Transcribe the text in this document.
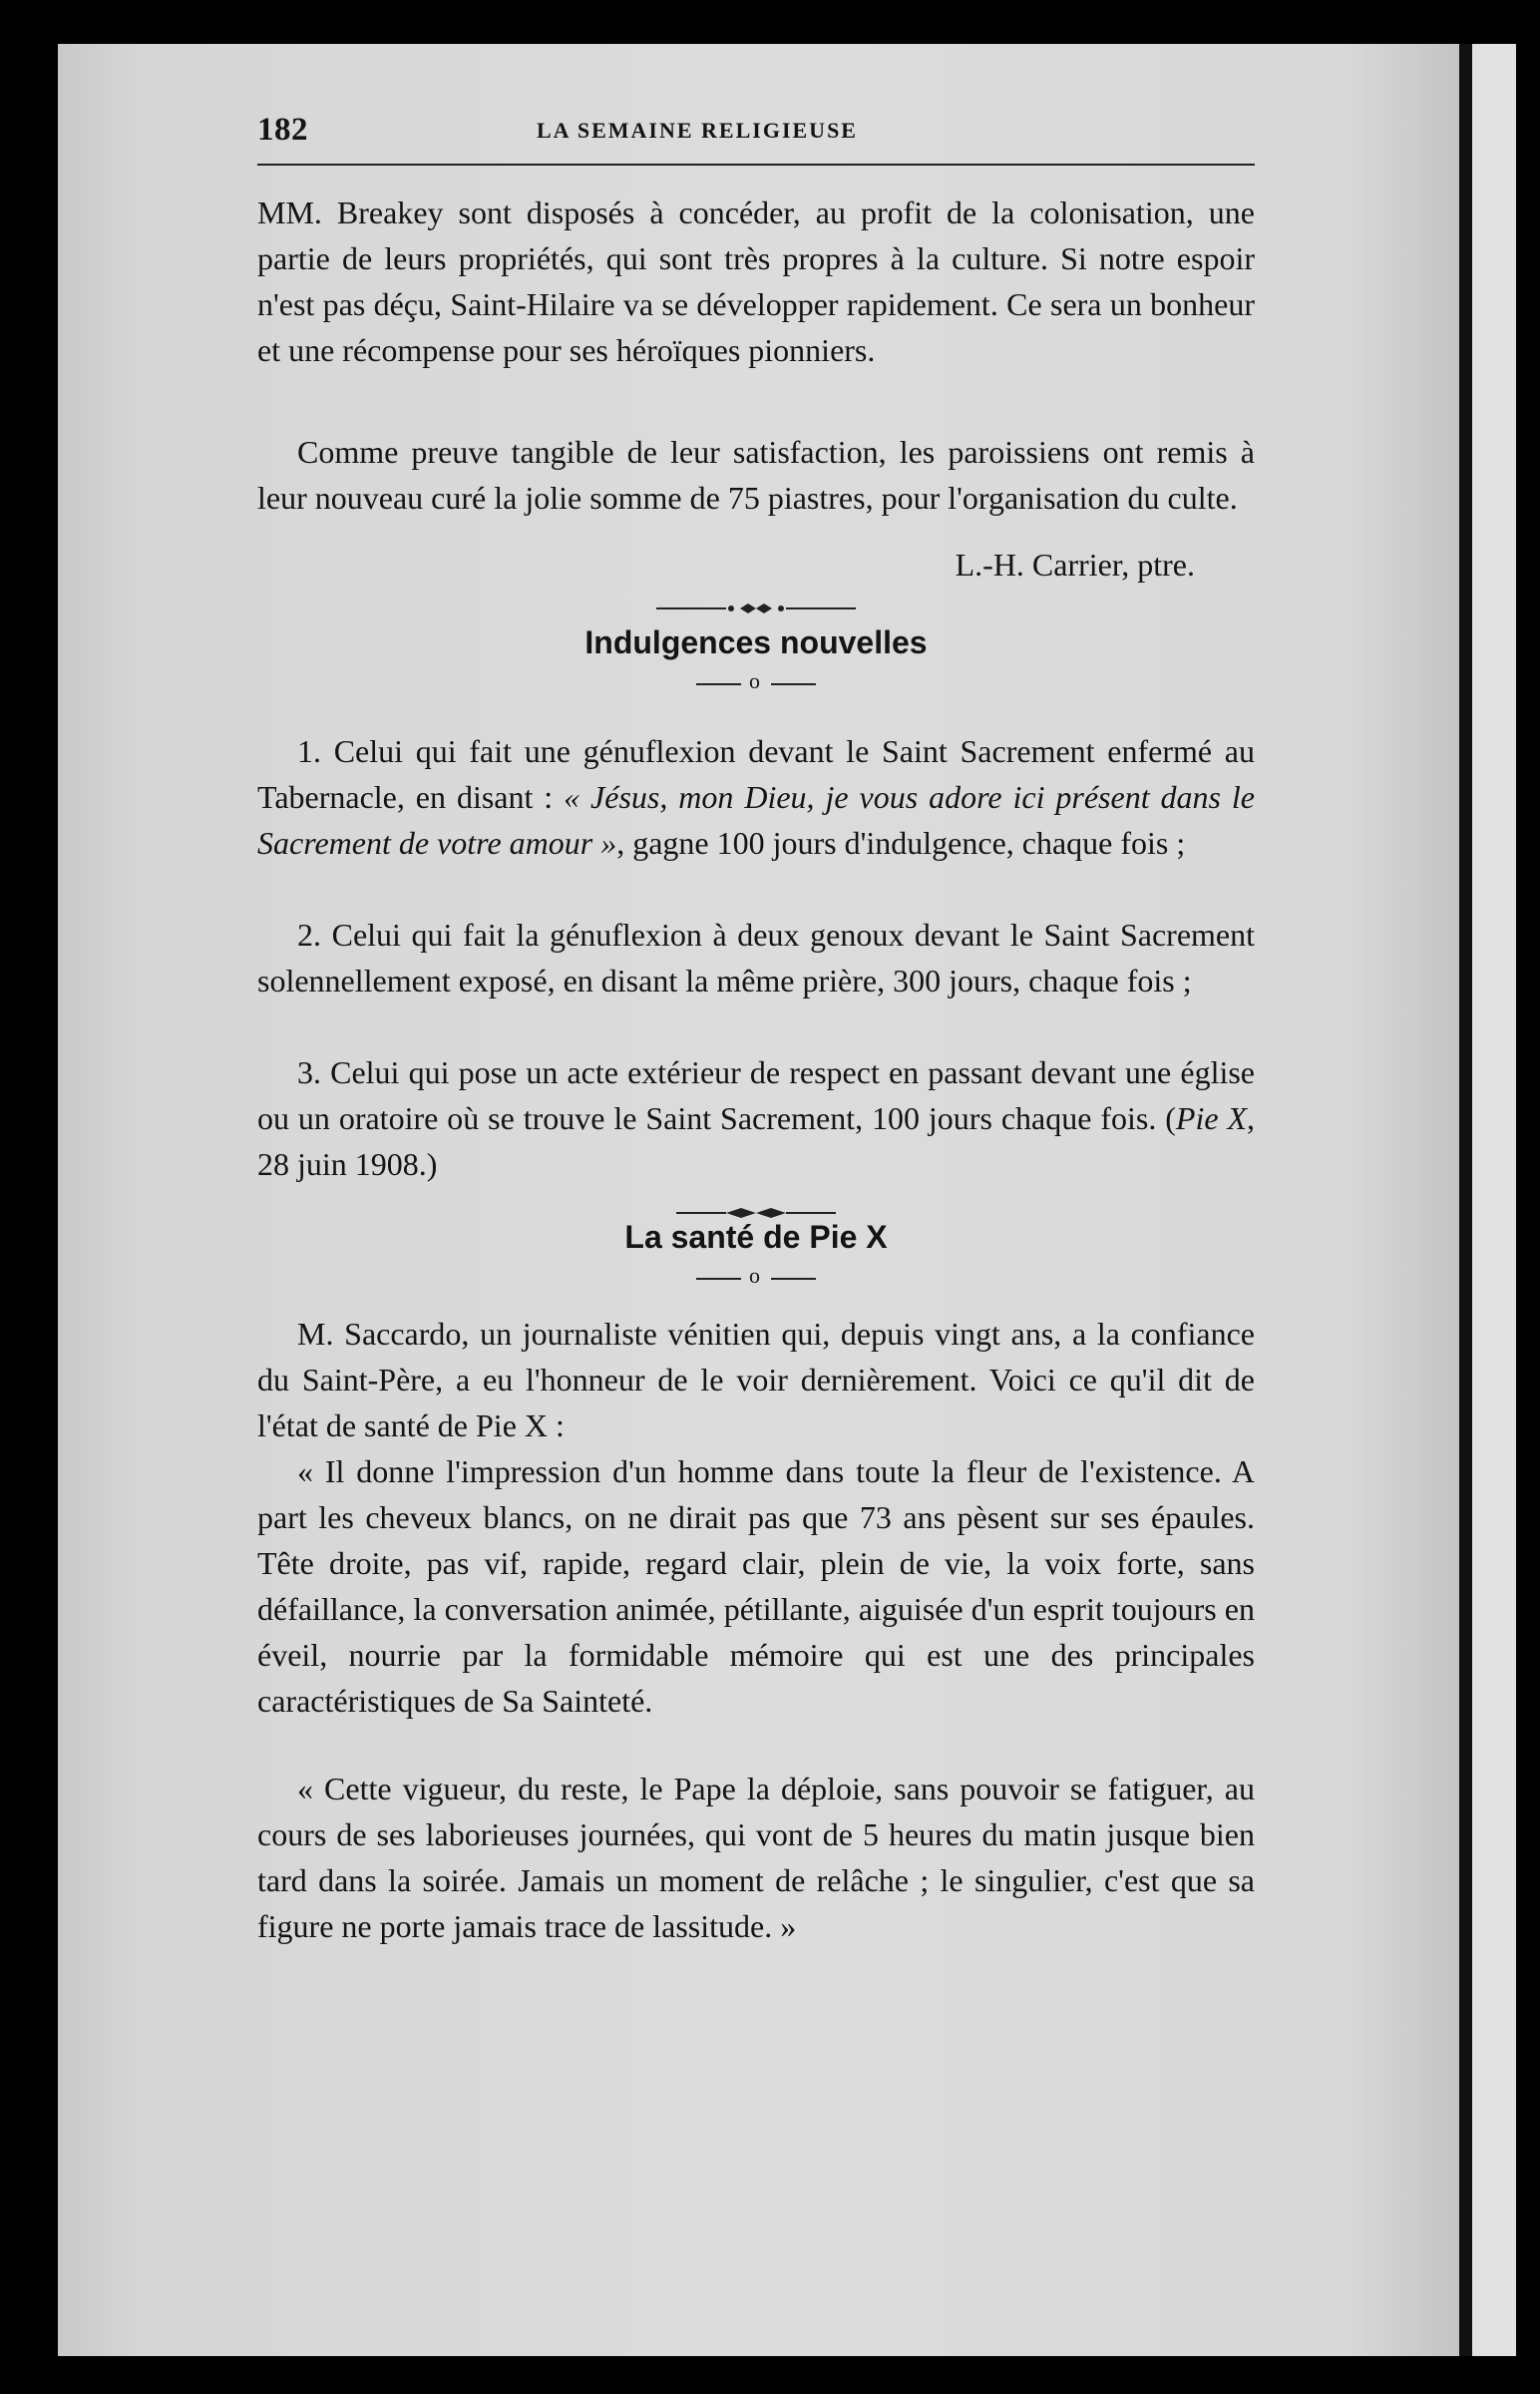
182	LA SEMAINE RELIGIEUSE

MM. Breakey sont disposés à concéder, au profit de la colonisation, une partie de leurs propriétés, qui sont très propres à la culture. Si notre espoir n'est pas déçu, Saint-Hilaire va se développer rapidement. Ce sera un bonheur et une récompense pour ses héroïques pionniers.

Comme preuve tangible de leur satisfaction, les paroissiens ont remis à leur nouveau curé la jolie somme de 75 piastres, pour l'organisation du culte.

L.-H. Carrier, ptre.
Indulgences nouvelles
o

1. Celui qui fait une génuflexion devant le Saint Sacrement enfermé au Tabernacle, en disant : « Jésus, mon Dieu, je vous adore ici présent dans le Sacrement de votre amour », gagne 100 jours d'indulgence, chaque fois ;

2. Celui qui fait la génuflexion à deux genoux devant le Saint Sacrement solennellement exposé, en disant la même prière, 300 jours, chaque fois ;

3. Celui qui pose un acte extérieur de respect en passant devant une église ou un oratoire où se trouve le Saint Sacrement, 100 jours chaque fois. (Pie X, 28 juin 1908.)

La santé de Pie X
o

M. Saccardo, un journaliste vénitien qui, depuis vingt ans, a la confiance du Saint-Père, a eu l'honneur de le voir dernièrement. Voici ce qu'il dit de l'état de santé de Pie X :

« Il donne l'impression d'un homme dans toute la fleur de l'existence. A part les cheveux blancs, on ne dirait pas que 73 ans pèsent sur ses épaules. Tête droite, pas vif, rapide, regard clair, plein de vie, la voix forte, sans défaillance, la conversation animée, pétillante, aiguisée d'un esprit toujours en éveil, nourrie par la formidable mémoire qui est une des principales caractéristiques de Sa Sainteté.

« Cette vigueur, du reste, le Pape la déploie, sans pouvoir se fatiguer, au cours de ses laborieuses journées, qui vont de 5 heures du matin jusque bien tard dans la soirée. Jamais un moment de relâche ; le singulier, c'est que sa figure ne porte jamais trace de lassitude. »
